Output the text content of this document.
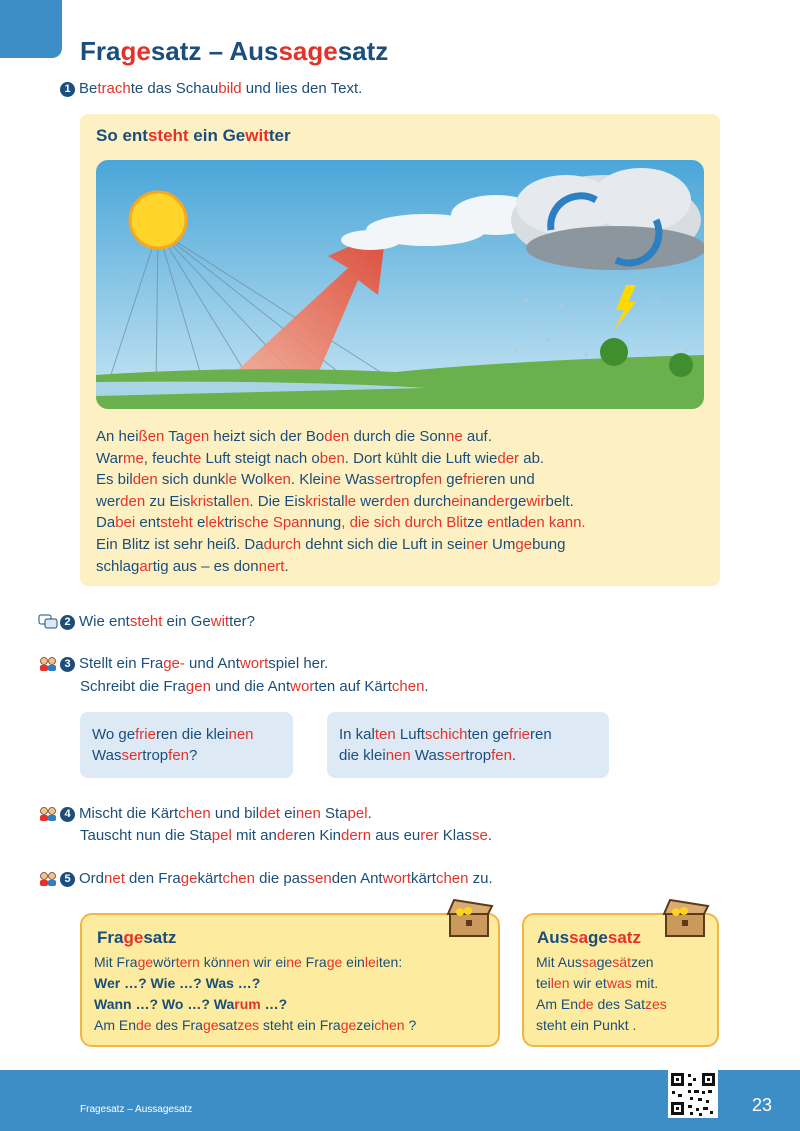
Fragesatz – Aussagesatz
1 Betrachte das Schaubild und lies den Text.
So entsteht ein Gewitter
An heißen Tagen heizt sich der Boden durch die Sonne auf.
Warme, feuchte Luft steigt nach oben. Dort kühlt die Luft wieder ab.
Es bilden sich dunkle Wolken. Kleine Wassertropfen gefrieren und
werden zu Eiskristallen. Die Eiskristalle werden durcheinandergewirbelt.
Dabei entsteht elektrische Spannung, die sich durch Blitze entladen kann.
Ein Blitz ist sehr heiß. Dadurch dehnt sich die Luft in seiner Umgebung
schlagartig aus – es donnert.
2 Wie entsteht ein Gewitter?
3 Stellt ein Frage- und Antwortspiel her.
Schreibt die Fragen und die Antworten auf Kärtchen.
Wo gefrieren die kleinen
Wassertropfen?
In kalten Luftschichten gefrieren
die kleinen Wassertropfen.
4 Mischt die Kärtchen und bildet einen Stapel.
Tauscht nun die Stapel mit anderen Kindern aus eurer Klasse.
5 Ordnet den Fragekärtchen die passenden Antwortkärtchen zu.
Fragesatz
Mit Fragewörtern können wir eine Frage einleiten:
Wer …? Wie …? Was …?
Wann …? Wo …? Warum …?
Am Ende des Fragesatzes steht ein Fragezeichen ?
Aussagesatz
Mit Aussagesätzen
teilen wir etwas mit.
Am Ende des Satzes
steht ein Punkt .
Fragesatz – Aussagesatz	23
